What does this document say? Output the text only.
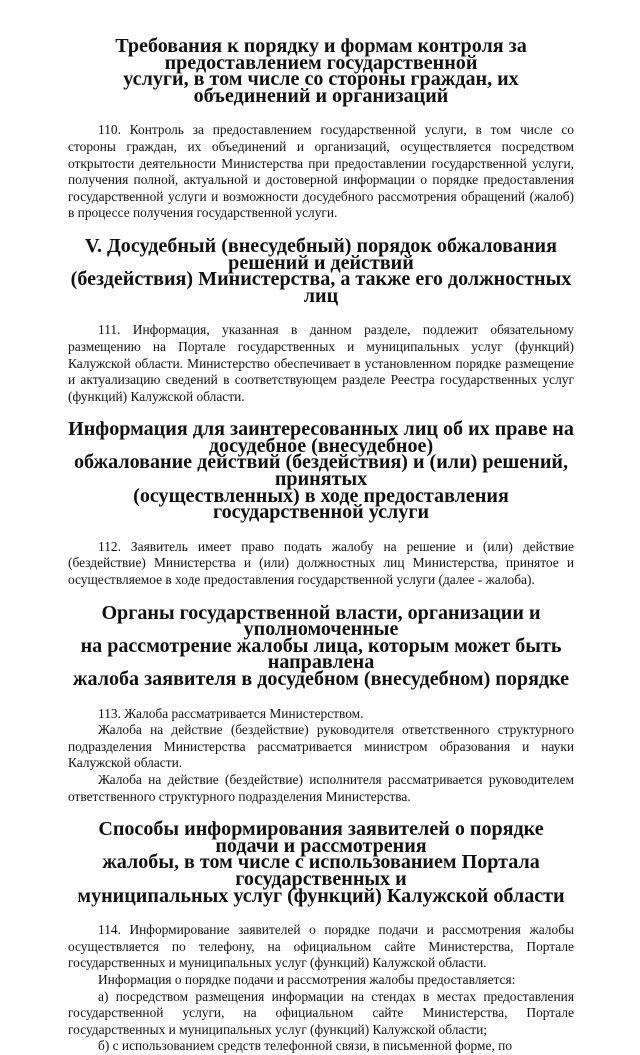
Требования к порядку и формам контроля за предоставлением государственной
услуги, в том числе со стороны граждан, их объединений и организаций

110. Контроль за предоставлением государственной услуги, в том числе со стороны граждан, их объединений и организаций, осуществляется посредством открытости деятельности Министерства при предоставлении государственной услуги, получения полной, актуальной и достоверной информации о порядке предоставления государственной услуги и возможности досудебного рассмотрения обращений (жалоб) в процессе получения государственной услуги.

V. Досудебный (внесудебный) порядок обжалования решений и действий
(бездействия) Министерства, а также его должностных лиц

111. Информация, указанная в данном разделе, подлежит обязательному размещению на Портале государственных и муниципальных услуг (функций) Калужской области. Министерство обеспечивает в установленном порядке размещение и актуализацию сведений в соответствующем разделе Реестра государственных услуг (функций) Калужской области.

Информация для заинтересованных лиц об их праве на досудебное (внесудебное)
обжалование действий (бездействия) и (или) решений, принятых
(осуществленных) в ходе предоставления государственной услуги

112. Заявитель имеет право подать жалобу на решение и (или) действие (бездействие) Министерства и (или) должностных лиц Министерства, принятое и осуществляемое в ходе предоставления государственной услуги (далее - жалоба).

Органы государственной власти, организации и уполномоченные
на рассмотрение жалобы лица, которым может быть направлена
жалоба заявителя в досудебном (внесудебном) порядке

113. Жалоба рассматривается Министерством.

Жалоба на действие (бездействие) руководителя ответственного структурного подразделения Министерства рассматривается министром образования и науки Калужской области.

Жалоба на действие (бездействие) исполнителя рассматривается руководителем ответственного структурного подразделения Министерства.

Способы информирования заявителей о порядке подачи и рассмотрения
жалобы, в том числе с использованием Портала государственных и
муниципальных услуг (функций) Калужской области

114. Информирование заявителей о порядке подачи и рассмотрения жалобы осуществляется по телефону, на официальном сайте Министерства, Портале государственных и муниципальных услуг (функций) Калужской области.

Информация о порядке подачи и рассмотрения жалобы предоставляется:

а) посредством размещения информации на стендах в местах предоставления государственной услуги, на официальном сайте Министерства, Портале государственных и муниципальных услуг (функций) Калужской области;

б) с использованием средств телефонной связи, в письменной форме, по
